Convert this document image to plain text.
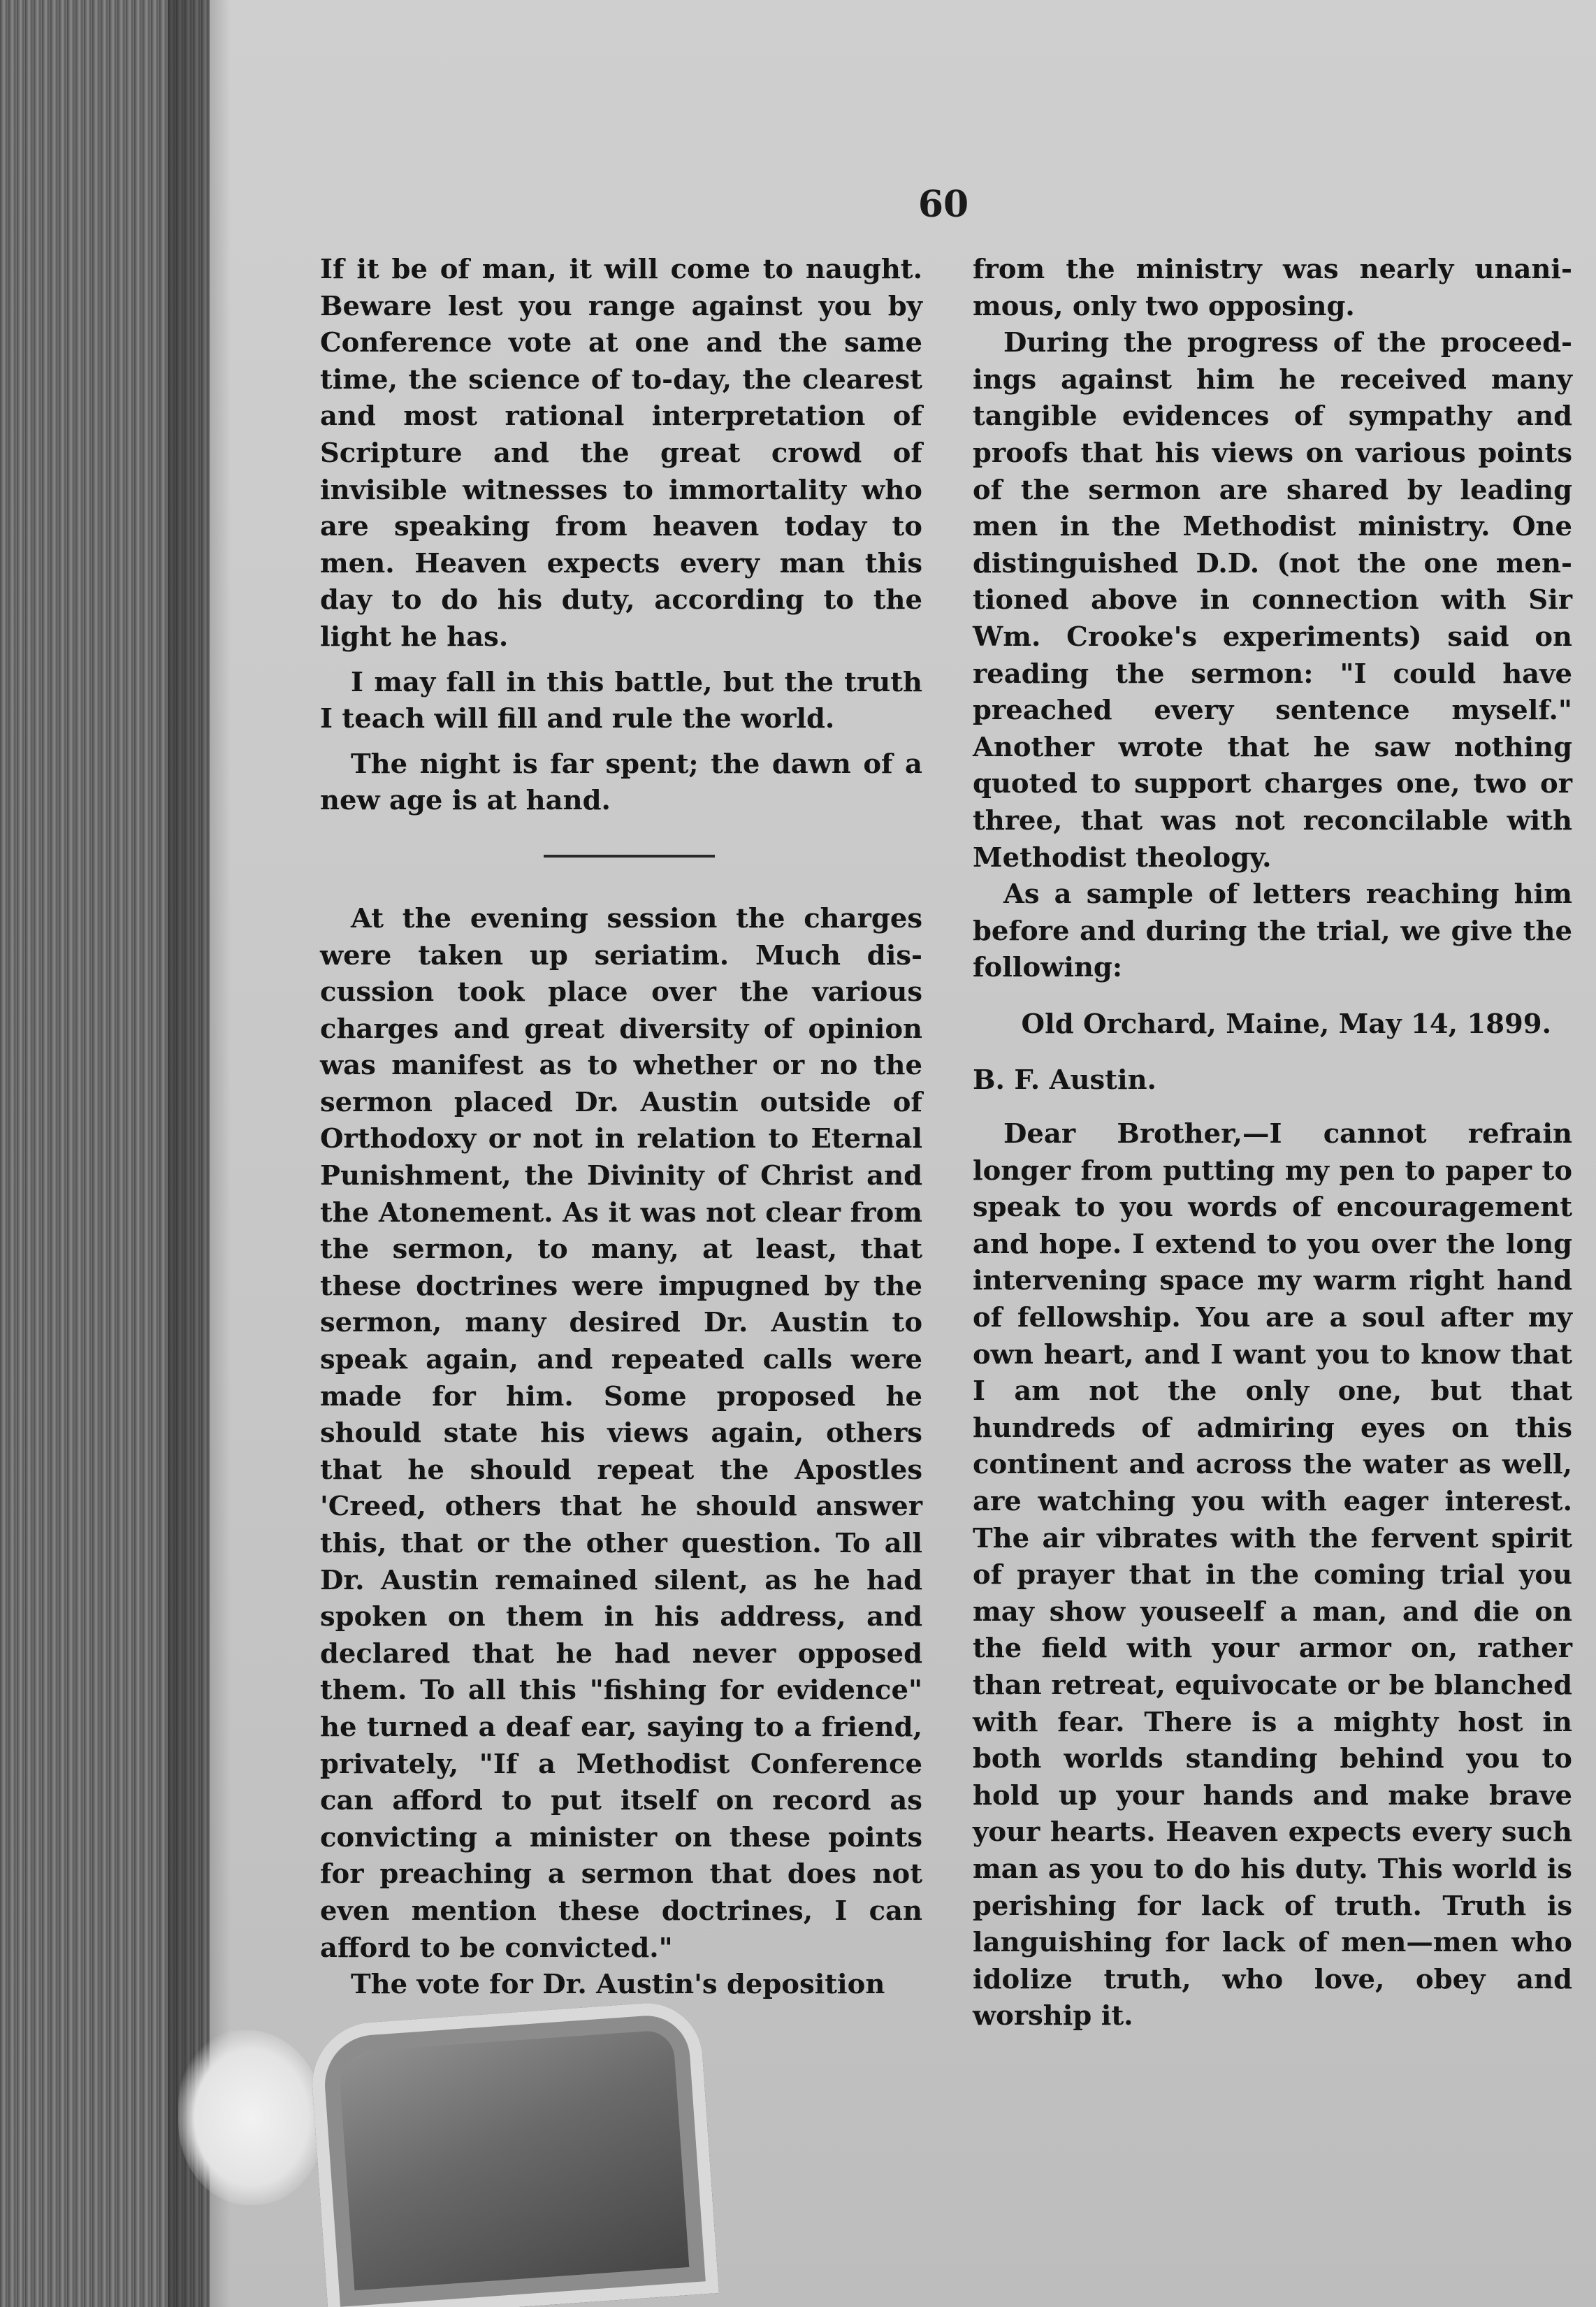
60

If it be of man, it will come to naught. Beware lest you range against you by Conference vote at one and the same time, the science of to-day, the clearest and most rational interpretation of Scripture and the great crowd of invisible witnesses to immortality who are speaking from heaven today to men. Heaven expects every man this day to do his duty, according to the light he has.

I may fall in this battle, but the truth I teach will fill and rule the world.

The night is far spent; the dawn of a new age is at hand.

At the evening session the charges were taken up seriatim. Much discussion took place over the various charges and great diversity of opinion was manifest as to whether or no the sermon placed Dr. Austin outside of Orthodoxy or not in relation to Eternal Punishment, the Divinity of Christ and the Atonement. As it was not clear from the sermon, to many, at least, that these doctrines were impugned by the sermon, many desired Dr. Austin to speak again, and repeated calls were made for him. Some proposed he should state his views again, others that he should repeat the Apostles 'Creed, others that he should answer this, that or the other question. To all Dr. Austin remained silent, as he had spoken on them in his address, and declared that he had never opposed them. To all this "fishing for evidence" he turned a deaf ear, saying to a friend, privately, "If a Methodist Conference can afford to put itself on record as convicting a minister on these points for preaching a sermon that does not even mention these doctrines, I can afford to be convicted."

The vote for Dr. Austin's deposition

from the ministry was nearly unanimous, only two opposing.

During the progress of the proceedings against him he received many tangible evidences of sympathy and proofs that his views on various points of the sermon are shared by leading men in the Methodist ministry. One distinguished D.D. (not the one mentioned above in connection with Sir Wm. Crooke's experiments) said on reading the sermon: "I could have preached every sentence myself." Another wrote that he saw nothing quoted to support charges one, two or three, that was not reconcilable with Methodist theology.

As a sample of letters reaching him before and during the trial, we give the following:

Old Orchard, Maine, May 14, 1899.

B. F. Austin.

Dear Brother,—I cannot refrain longer from putting my pen to paper to speak to you words of encouragement and hope. I extend to you over the long intervening space my warm right hand of fellowship. You are a soul after my own heart, and I want you to know that I am not the only one, but that hundreds of admiring eyes on this continent and across the water as well, are watching you with eager interest. The air vibrates with the fervent spirit of prayer that in the coming trial you may show youseelf a man, and die on the field with your armor on, rather than retreat, equivocate or be blanched with fear. There is a mighty host in both worlds standing behind you to hold up your hands and make brave your hearts. Heaven expects every such man as you to do his duty. This world is perishing for lack of truth. Truth is languishing for lack of men—men who idolize truth, who love, obey and worship it.
